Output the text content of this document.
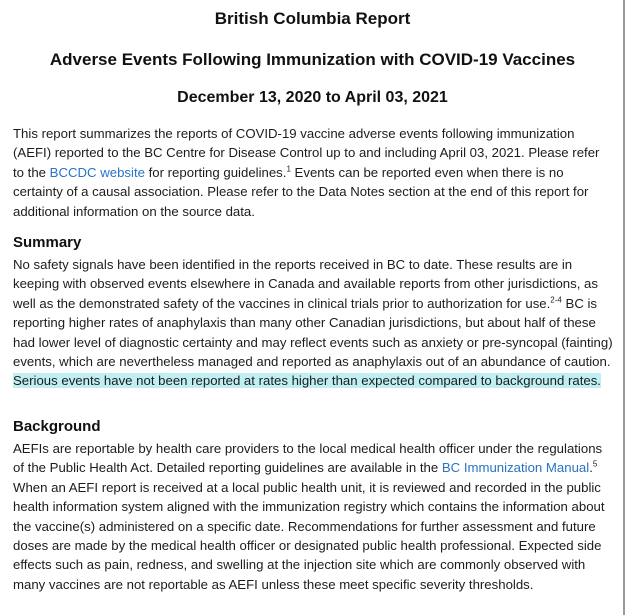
British Columbia Report
Adverse Events Following Immunization with COVID-19 Vaccines
December 13, 2020 to April 03, 2021
This report summarizes the reports of COVID-19 vaccine adverse events following immunization (AEFI) reported to the BC Centre for Disease Control up to and including April 03, 2021. Please refer to the BCCDC website for reporting guidelines.$^1$ Events can be reported even when there is no certainty of a causal association. Please refer to the Data Notes section at the end of this report for additional information on the source data.
Summary
No safety signals have been identified in the reports received in BC to date. These results are in keeping with observed events elsewhere in Canada and available reports from other jurisdictions, as well as the demonstrated safety of the vaccines in clinical trials prior to authorization for use.$^{2-4}$ BC is reporting higher rates of anaphylaxis than many other Canadian jurisdictions, but about half of these had lower level of diagnostic certainty and may reflect events such as anxiety or pre-syncopal (fainting) events, which are nevertheless managed and reported as anaphylaxis out of an abundance of caution. Serious events have not been reported at rates higher than expected compared to background rates.
Background
AEFIs are reportable by health care providers to the local medical health officer under the regulations of the Public Health Act. Detailed reporting guidelines are available in the BC Immunization Manual.$^5$ When an AEFI report is received at a local public health unit, it is reviewed and recorded in the public health information system aligned with the immunization registry which contains the information about the vaccine(s) administered on a specific date. Recommendations for further assessment and future doses are made by the medical health officer or designated public health professional. Expected side effects such as pain, redness, and swelling at the injection site which are commonly observed with many vaccines are not reportable as AEFI unless these meet specific severity thresholds.
